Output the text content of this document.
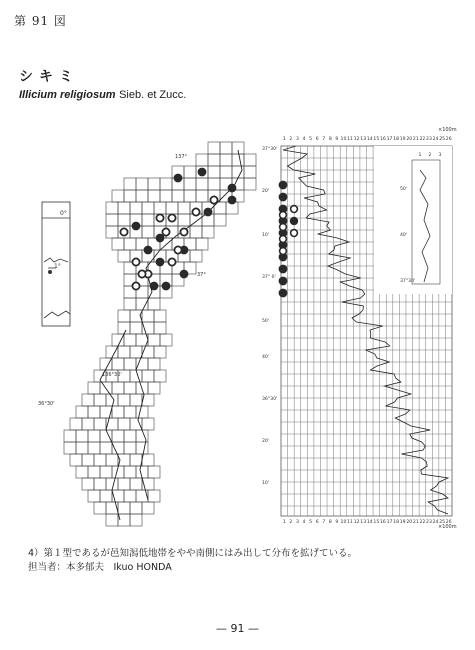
第 91 図
シキミ
Illicium religiosum Sieb. et Zucc.
0°
1°
137°
37°
136°30'
36°30'
1
1
2
2
3
3
4
4
5
5
6
6
7
7
8
8
9
9
10
10
11
11
12
12
13
13
14
14
15
15
16
16
17
17
18
18
19
19
20
20
21
21
22
22
23
23
24
24
25
25
26
26
37°30'
20'
10'
37° 0'
50'
40'
36°30'
20'
10'
50'
40'
37°30'
1 2 3
×100m
×100m
4）第１型であるが邑知潟低地帯をやや南側にはみ出して分布を拡げている。
担当者：本多郁夫　Ikuo HONDA
— 91 —
